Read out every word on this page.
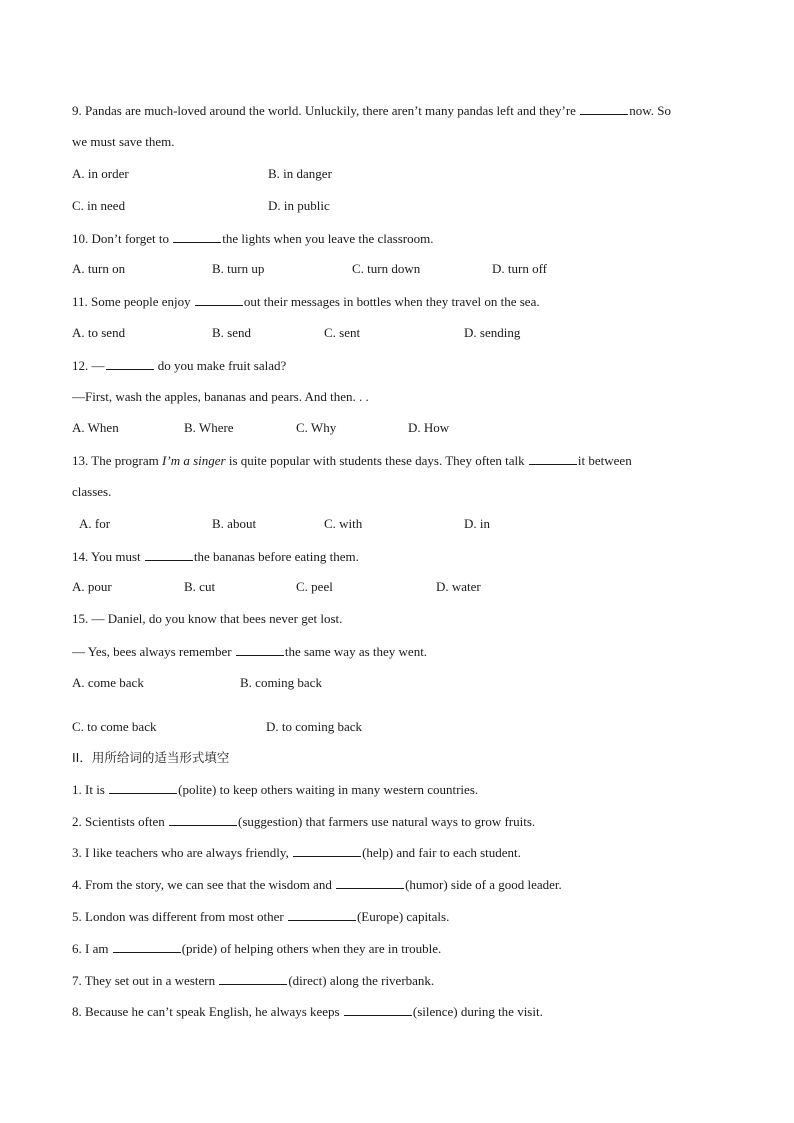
9. Pandas are much-loved around the world. Unluckily, there aren’t many pandas left and they’re	now. So
we must save them.
A. in order	B. in danger
C. in need	D. in public
10. Don’t forget to	the lights when you leave the classroom.
A. turn on	B. turn up	C. turn down	D. turn off
11. Some people enjoy	out their messages in bottles when they travel on the sea.
A. to send	B. send	C. sent	D. sending
12. —	do you make fruit salad?
—First, wash the apples, bananas and pears. And then. . .
A. When	B. Where	C. Why	D. How
13. The program I’m a singer is quite popular with students these days. They often talk	it between
classes.
A. for	B. about	C. with	D. in
14. You must	the bananas before eating them.
A. pour	B. cut	C. peel	D. water
15. — Daniel, do you know that bees never get lost.
— Yes, bees always remember	the same way as they went.
A. come back	B. coming back
C. to come back	D. to coming back
II．用所给词的适当形式填空
1. It is	(polite) to keep others waiting in many western countries.
2. Scientists often	(suggestion) that farmers use natural ways to grow fruits.
3. I like teachers who are always friendly,	(help) and fair to each student.
4. From the story, we can see that the wisdom and	(humor) side of a good leader.
5. London was different from most other	(Europe) capitals.
6. I am	(pride) of helping others when they are in trouble.
7. They set out in a western	(direct) along the riverbank.
8. Because he can’t speak English, he always keeps	(silence) during the visit.
